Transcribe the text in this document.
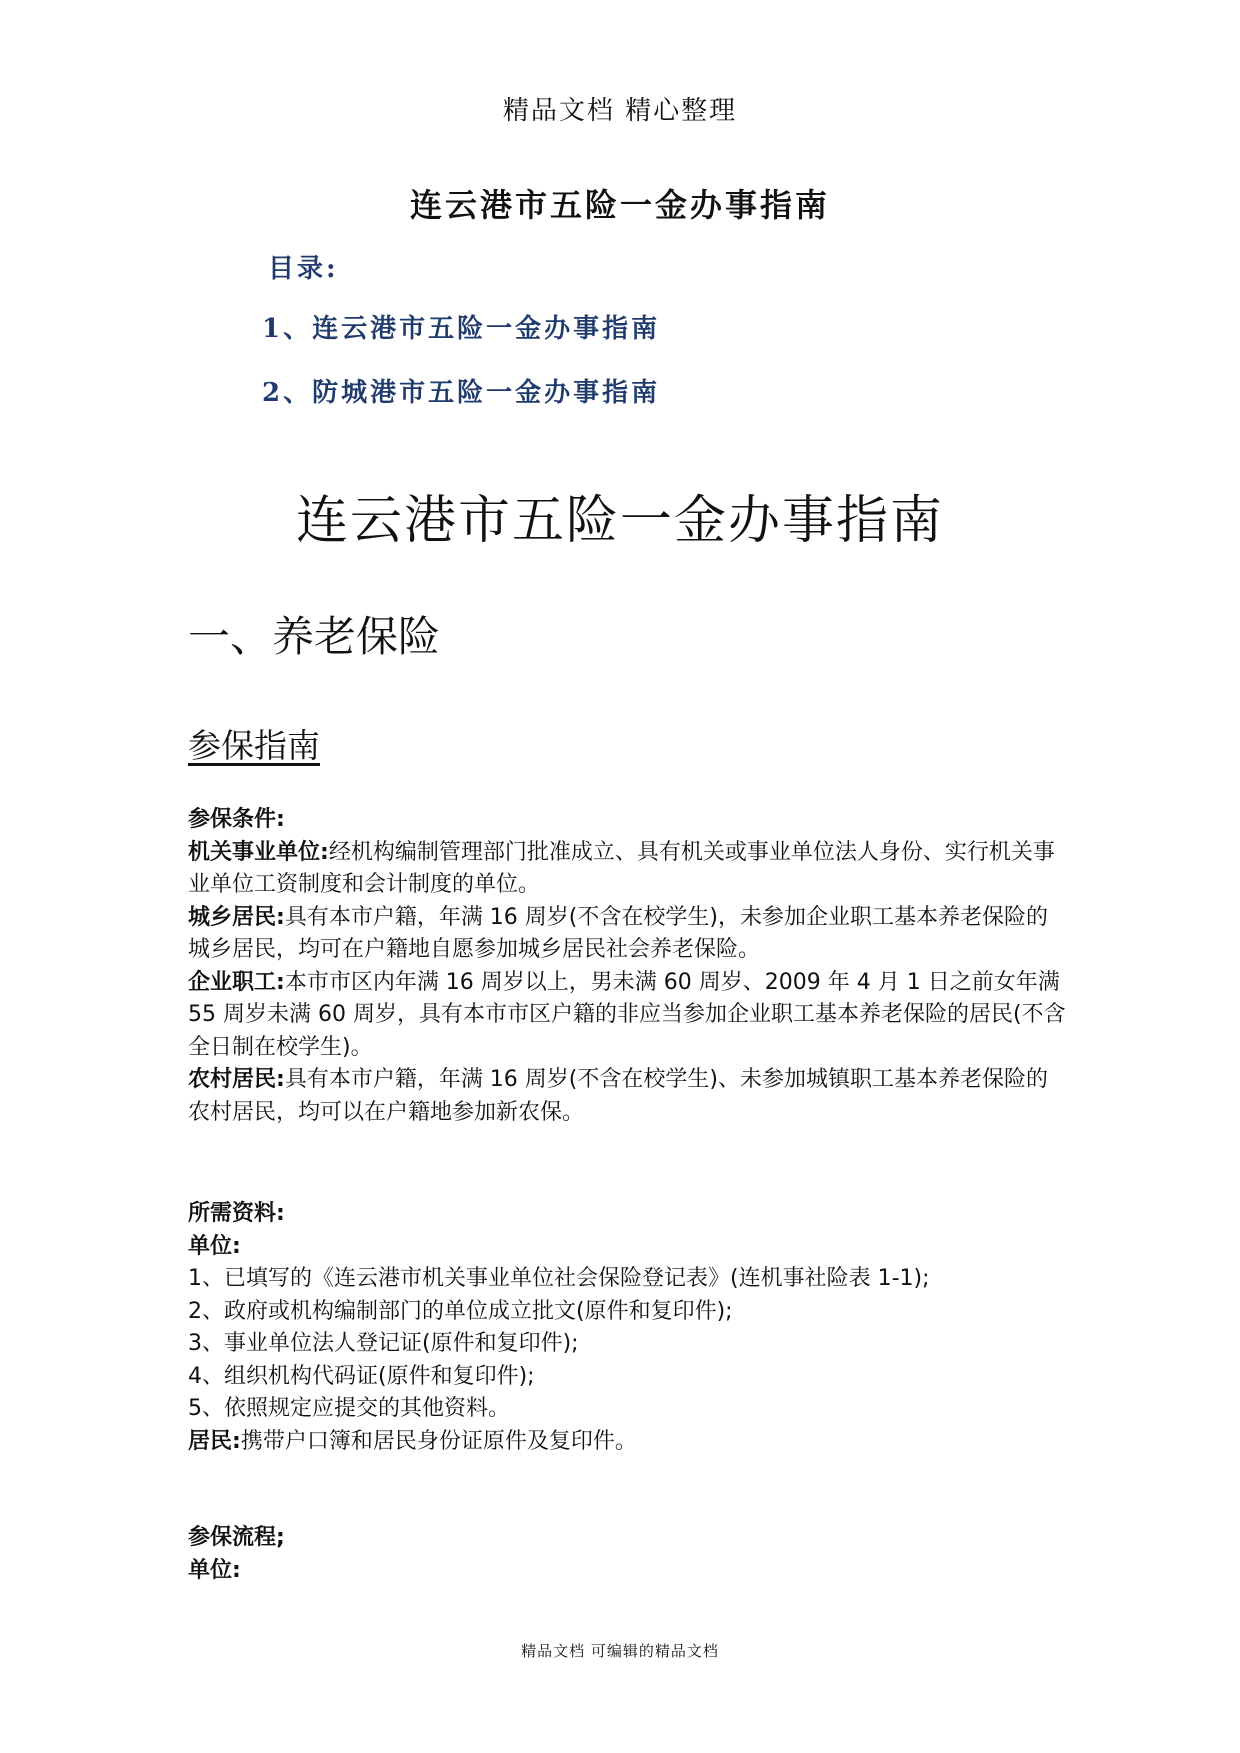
精品文档 精心整理
连云港市五险一金办事指南
目录:
1、连云港市五险一金办事指南
2、防城港市五险一金办事指南
连云港市五险一金办事指南
一、养老保险
参保指南

参保条件:

机关事业单位:经机构编制管理部门批准成立、具有机关或事业单位法人身份、实行机关事业单位工资制度和会计制度的单位。

城乡居民:具有本市户籍，年满 16 周岁(不含在校学生)，未参加企业职工基本养老保险的城乡居民，均可在户籍地自愿参加城乡居民社会养老保险。

企业职工:本市市区内年满 16 周岁以上，男未满 60 周岁、2009 年 4 月 1 日之前女年满 55 周岁未满 60 周岁，具有本市市区户籍的非应当参加企业职工基本养老保险的居民(不含全日制在校学生)。

农村居民:具有本市户籍，年满 16 周岁(不含在校学生)、未参加城镇职工基本养老保险的农村居民，均可以在户籍地参加新农保。

所需资料:

单位:

1、已填写的《连云港市机关事业单位社会保险登记表》(连机事社险表 1-1);

2、政府或机构编制部门的单位成立批文(原件和复印件);

3、事业单位法人登记证(原件和复印件);

4、组织机构代码证(原件和复印件);

5、依照规定应提交的其他资料。

居民:携带户口簿和居民身份证原件及复印件。

参保流程;

单位:

精品文档 可编辑的精品文档
